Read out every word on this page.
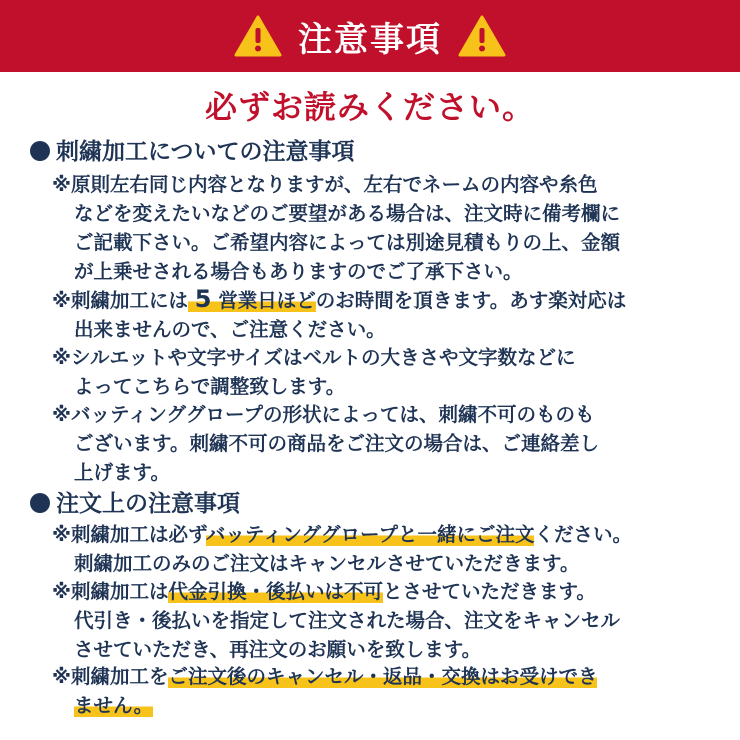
注意事項
必ずお読みください。
刺繍加工についての注意事項
※原則左右同じ内容となりますが、左右でネームの内容や糸色
などを変えたいなどのご要望がある場合は、注文時に備考欄に
ご記載下さい。ご希望内容によっては別途見積もりの上、金額
が上乗せされる場合もありますのでご了承下さい。
※刺繍加工には 5 営業日ほどのお時間を頂きます。あす楽対応は
出来ませんので、ご注意ください。
※シルエットや文字サイズはベルトの大きさや文字数などに
よってこちらで調整致します。
※バッティンググロープの形状によっては、刺繍不可のものも
ございます。刺繍不可の商品をご注文の場合は、ご連絡差し
上げます。
注文上の注意事項
※刺繍加工は必ずバッティンググロープと一緒にご注文ください。
刺繍加工のみのご注文はキャンセルさせていただきます。
※刺繍加工は代金引換・後払いは不可とさせていただきます。
代引き・後払いを指定して注文された場合、注文をキャンセル
させていただき、再注文のお願いを致します。
※刺繍加工をご注文後のキャンセル・返品・交換はお受けでき
ません。
